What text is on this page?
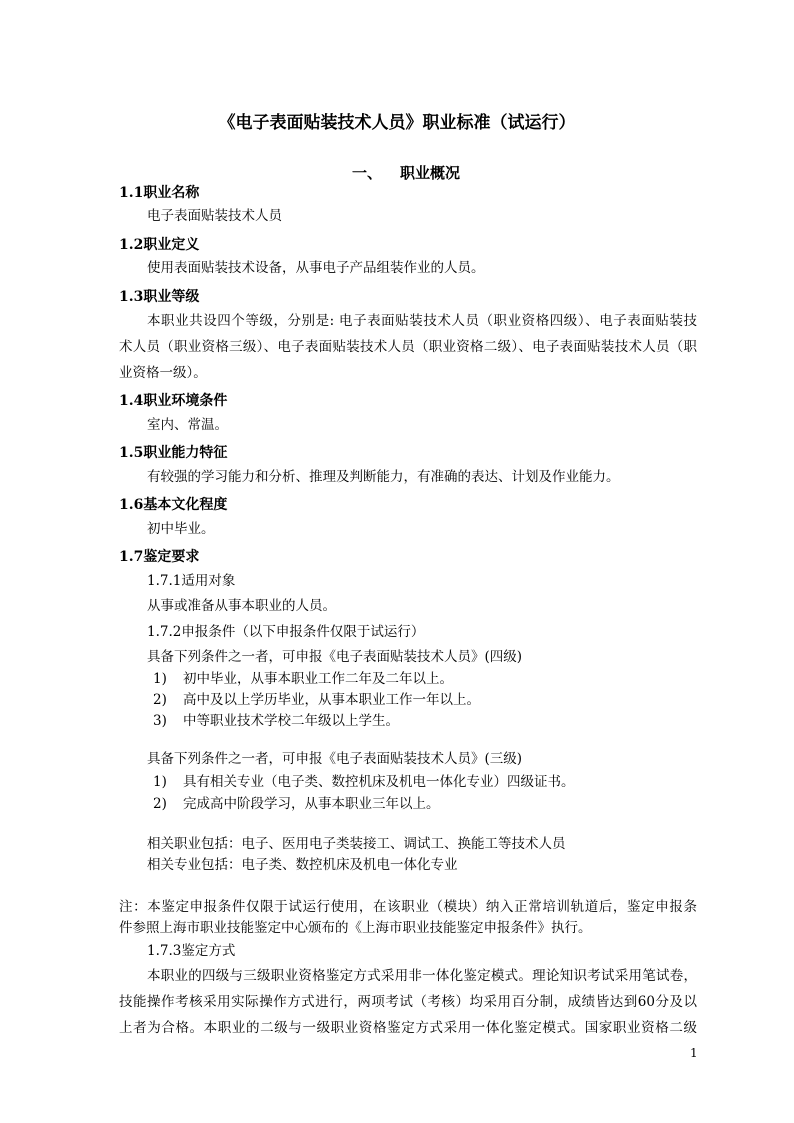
《电子表面贴装技术人员》职业标准（试运行）
一、 职业概况
1.1职业名称
电子表面贴装技术人员
1.2职业定义
使用表面贴装技术设备，从事电子产品组装作业的人员。
1.3职业等级
本职业共设四个等级，分别是: 电子表面贴装技术人员（职业资格四级）、电子表面贴装技
术人员（职业资格三级）、电子表面贴装技术人员（职业资格二级）、电子表面贴装技术人员（职
业资格一级）。
1.4职业环境条件
室内、常温。
1.5职业能力特征
有较强的学习能力和分析、推理及判断能力，有准确的表达、计划及作业能力。
1.6基本文化程度
初中毕业。
1.7鉴定要求
1.7.1适用对象
从事或准备从事本职业的人员。
1.7.2申报条件（以下申报条件仅限于试运行）
具备下列条件之一者，可申报《电子表面贴装技术人员》(四级)
1) 初中毕业，从事本职业工作二年及二年以上。
2) 高中及以上学历毕业，从事本职业工作一年以上。
3) 中等职业技术学校二年级以上学生。
具备下列条件之一者，可申报《电子表面贴装技术人员》(三级)
1) 具有相关专业（电子类、数控机床及机电一体化专业）四级证书。
2) 完成高中阶段学习，从事本职业三年以上。
相关职业包括：电子、医用电子类装接工、调试工、换能工等技术人员
相关专业包括：电子类、数控机床及机电一体化专业
注：本鉴定申报条件仅限于试运行使用，在该职业（模块）纳入正常培训轨道后，鉴定申报条
件参照上海市职业技能鉴定中心颁布的《上海市职业技能鉴定申报条件》执行。
1.7.3鉴定方式
本职业的四级与三级职业资格鉴定方式采用非一体化鉴定模式。理论知识考试采用笔试卷，
技能操作考核采用实际操作方式进行，两项考试（考核）均采用百分制，成绩皆达到60分及以
上者为合格。本职业的二级与一级职业资格鉴定方式采用一体化鉴定模式。国家职业资格二级
1
